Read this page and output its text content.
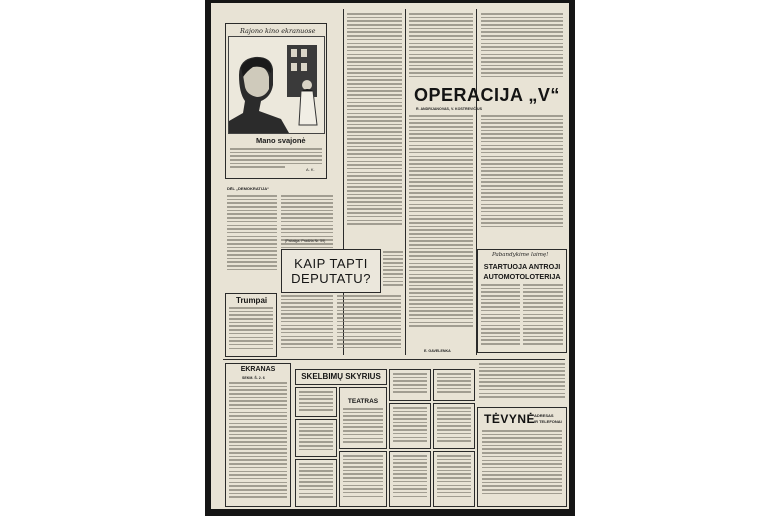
Rajono kino ekranuose
Mano svajonė
A. K.
DĖL „DEMOKRATIJA“
OPERACIJA „V“
R. ANDRIJANOVAS, V. KOSTREVIČIUS
(Pabaiga. Pradžia Nr. 59)
KAIP TAPTI
DEPUTATU?
Trumpai
E. GAVELENKA
Pabandykime laimę!
STARTUOJA ANTROJI
AUTOMOTOLOTERIJA
EKRANAS
SEKM. Š. 2. 6	SKELBIMŲ SKYRIUS
TEATRAS
TĖVYNĖ
ADRESAS
IR TELEFONAI
